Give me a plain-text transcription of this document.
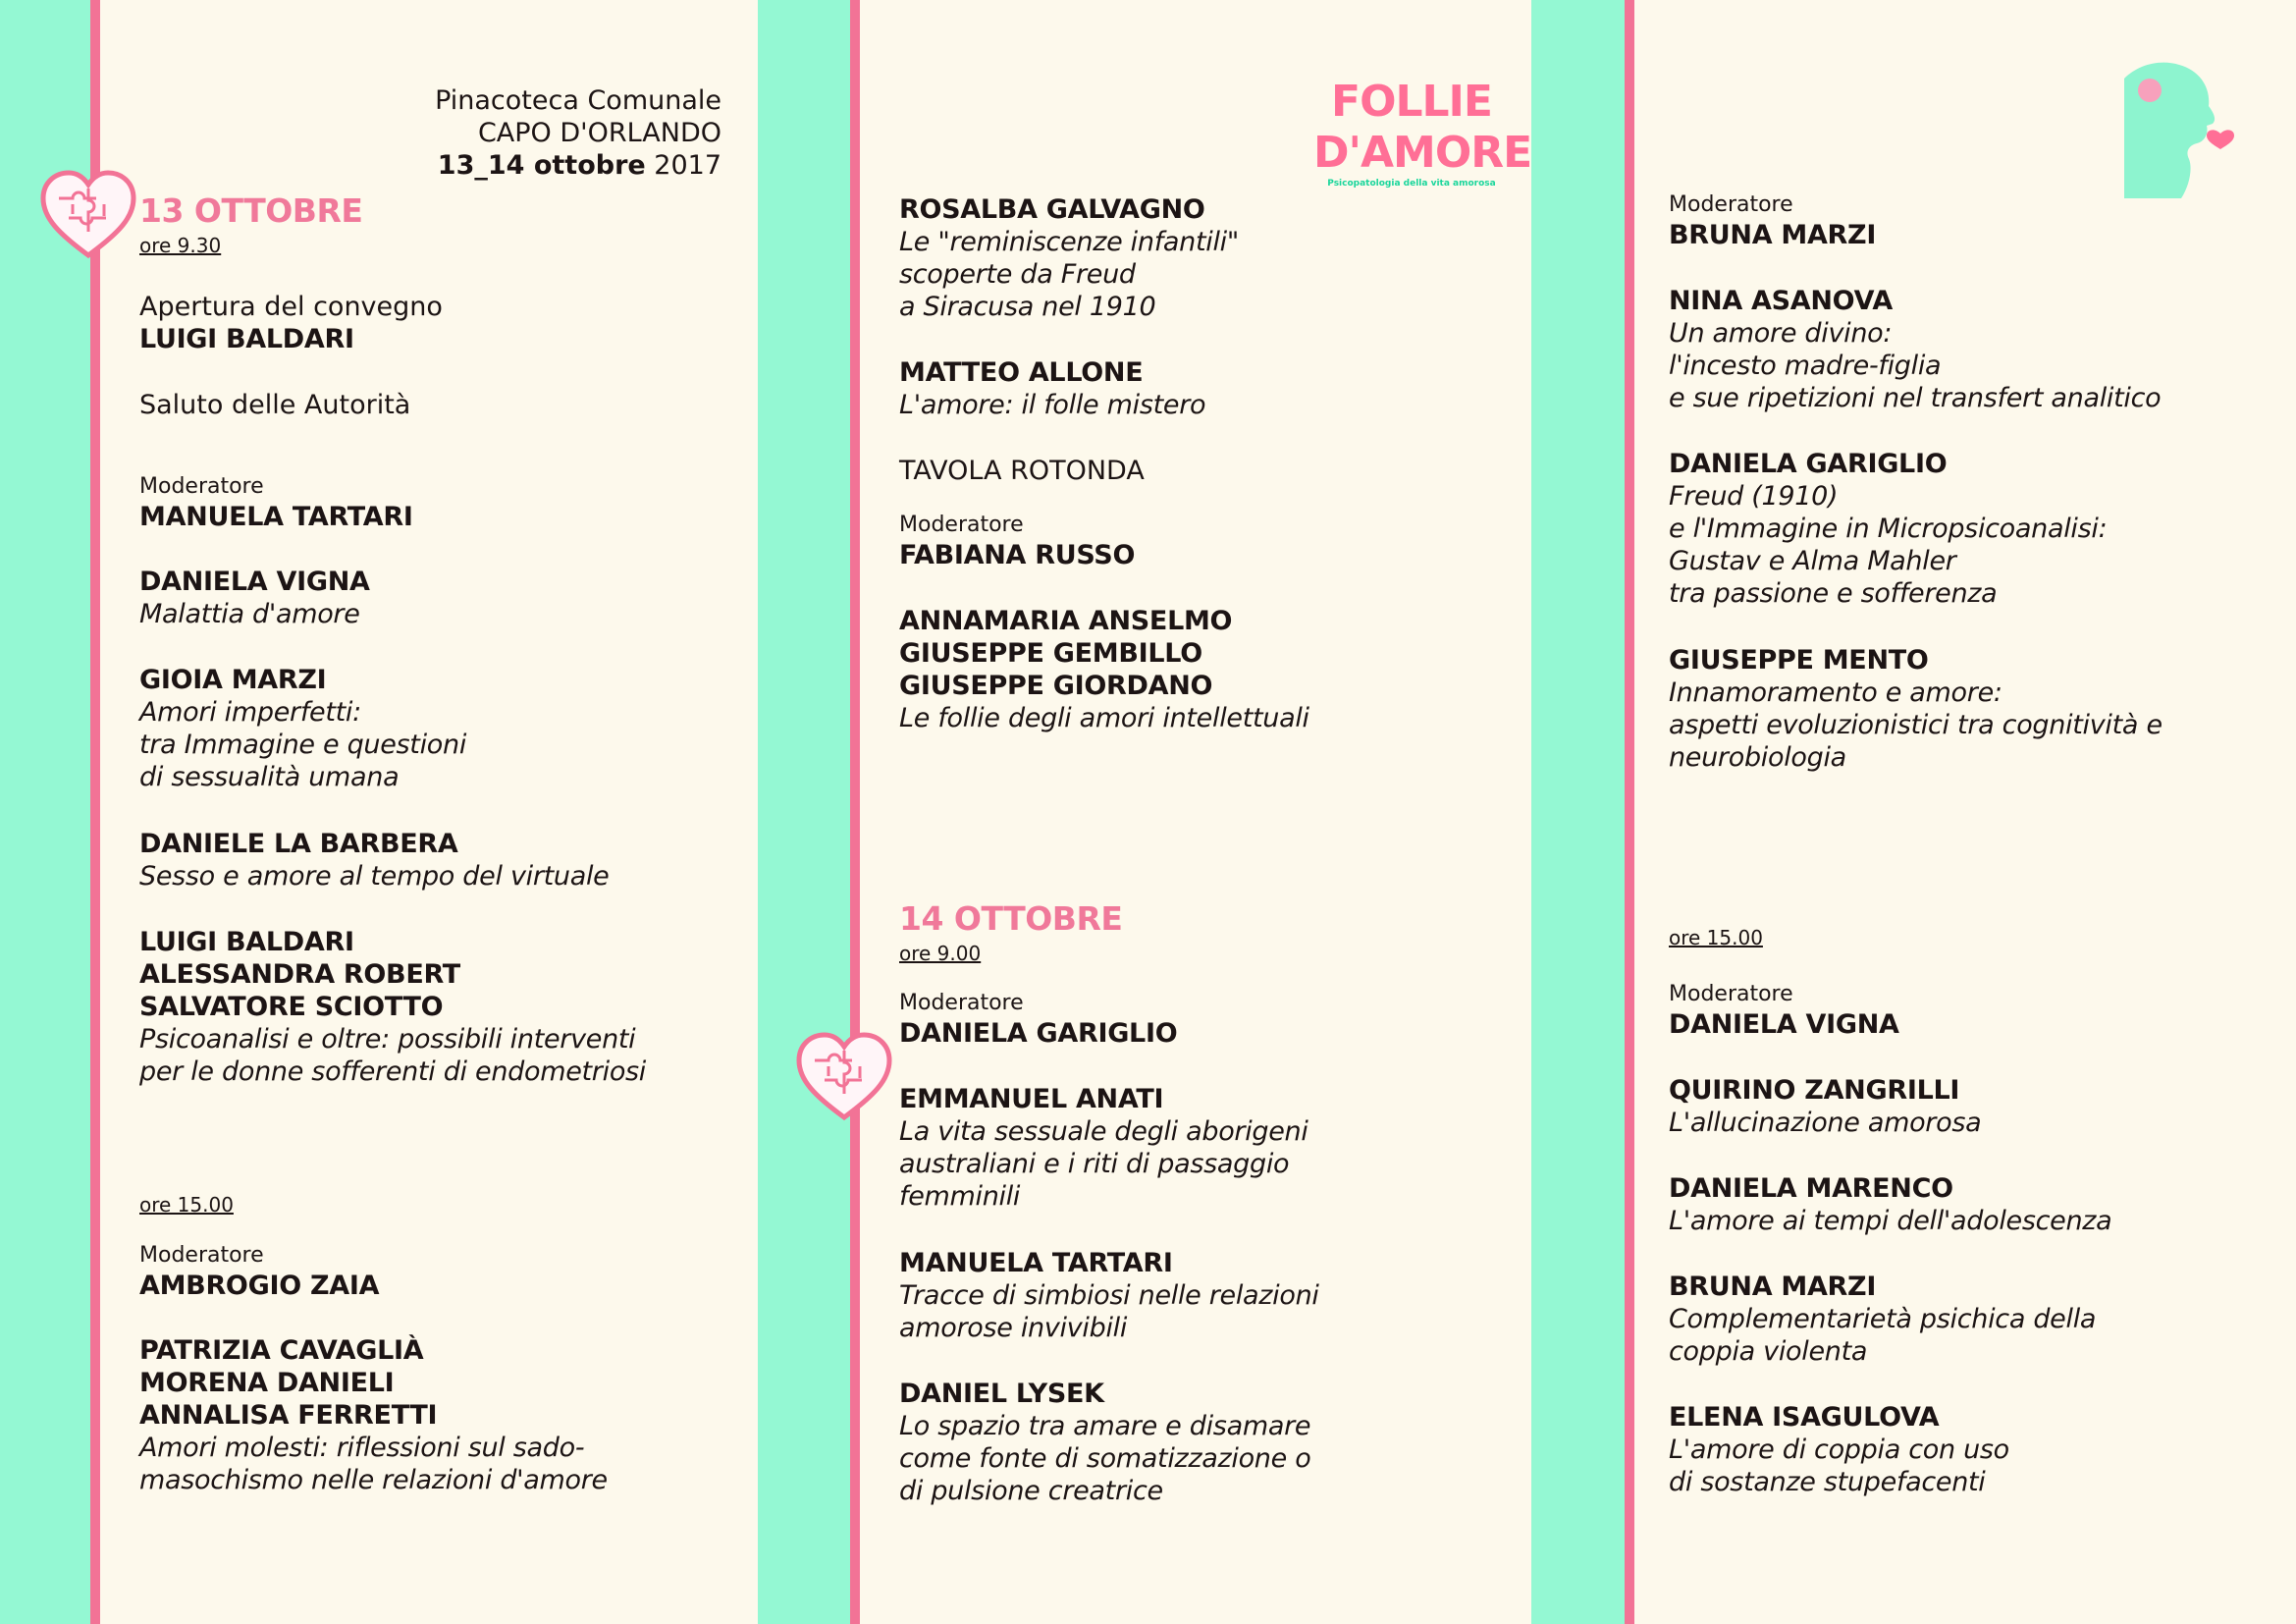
Pinacoteca Comunale
CAPO D'ORLANDO
13_14 ottobre 2017
FOLLIE
D'AMORE
Psicopatologia della vita amorosa
13 OTTOBRE
ore 9.30
Apertura del convegno
LUIGI BALDARI
Saluto delle Autorità
Moderatore
MANUELA TARTARI
DANIELA VIGNA
Malattia d'amore
GIOIA MARZI
Amori imperfetti:
tra Immagine e questioni
di sessualità umana
DANIELE LA BARBERA
Sesso e amore al tempo del virtuale
LUIGI BALDARI
ALESSANDRA ROBERT
SALVATORE SCIOTTO
Psicoanalisi e oltre: possibili interventi
per le donne sofferenti di endometriosi
ore 15.00
Moderatore
AMBROGIO ZAIA
PATRIZIA CAVAGLIÀ
MORENA DANIELI
ANNALISA FERRETTI
Amori molesti: riflessioni sul sado-
masochismo nelle relazioni d'amore
ROSALBA GALVAGNO
Le "reminiscenze infantili"
scoperte da Freud
a Siracusa nel 1910
MATTEO ALLONE
L'amore: il folle mistero
TAVOLA ROTONDA
Moderatore
FABIANA RUSSO
ANNAMARIA ANSELMO
GIUSEPPE GEMBILLO
GIUSEPPE GIORDANO
Le follie degli amori intellettuali
14 OTTOBRE
ore 9.00
Moderatore
DANIELA GARIGLIO
EMMANUEL ANATI
La vita sessuale degli aborigeni
australiani e i riti di passaggio
femminili
MANUELA TARTARI
Tracce di simbiosi nelle relazioni
amorose invivibili
DANIEL LYSEK
Lo spazio tra amare e disamare
come fonte di somatizzazione o
di pulsione creatrice
Moderatore
BRUNA MARZI
NINA ASANOVA
Un amore divino:
l'incesto madre-figlia
e sue ripetizioni nel transfert analitico
DANIELA GARIGLIO
Freud (1910)
e l'Immagine in Micropsicoanalisi:
Gustav e Alma Mahler
tra passione e sofferenza
GIUSEPPE MENTO
Innamoramento e amore:
aspetti evoluzionistici tra cognitività e
neurobiologia
ore 15.00
Moderatore
DANIELA VIGNA
QUIRINO ZANGRILLI
L'allucinazione amorosa
DANIELA MARENCO
L'amore ai tempi dell'adolescenza
BRUNA MARZI
Complementarietà psichica della
coppia violenta
ELENA ISAGULOVA
L'amore di coppia con uso
di sostanze stupefacenti
